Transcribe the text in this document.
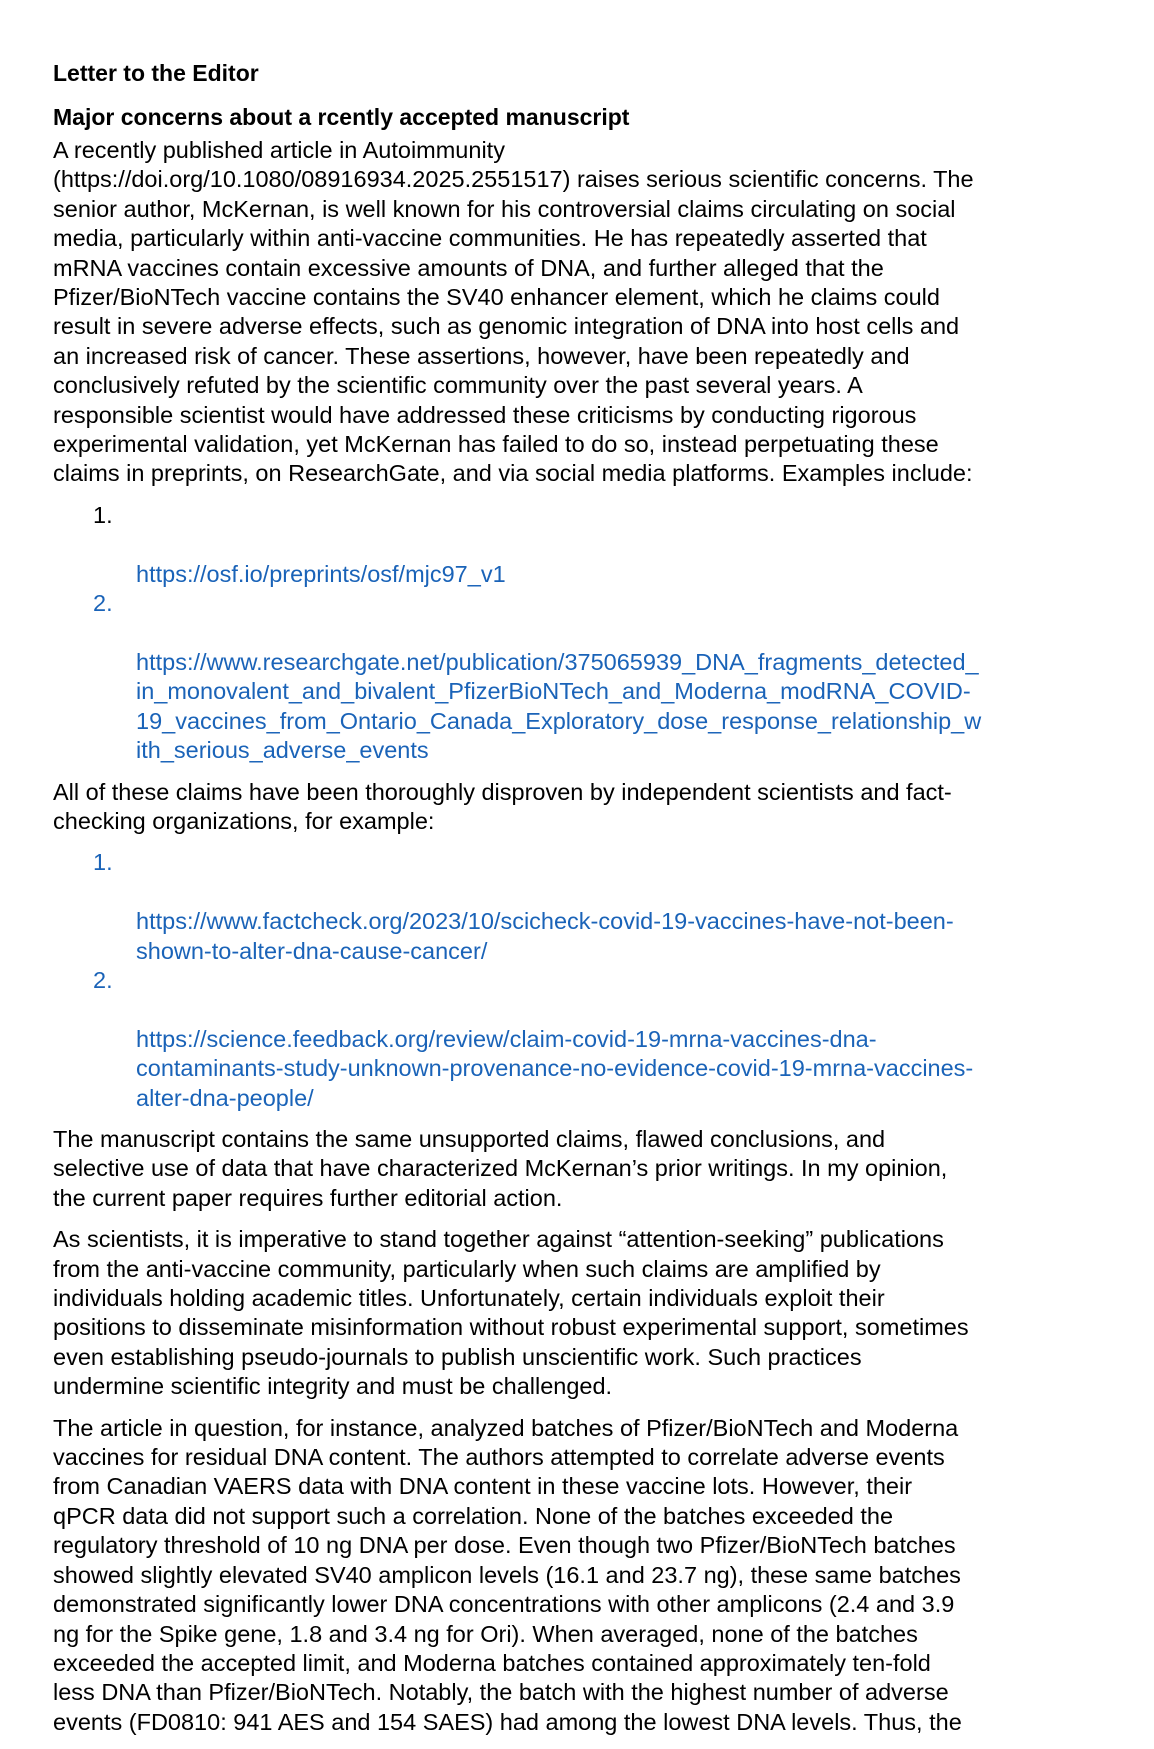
Letter to the Editor
Major concerns about a rcently accepted manuscript

A recently published article in Autoimmunity
(https://doi.org/10.1080/08916934.2025.2551517) raises serious scientific concerns. The
senior author, McKernan, is well known for his controversial claims circulating on social
media, particularly within anti-vaccine communities. He has repeatedly asserted that
mRNA vaccines contain excessive amounts of DNA, and further alleged that the
Pfizer/BioNTech vaccine contains the SV40 enhancer element, which he claims could
result in severe adverse effects, such as genomic integration of DNA into host cells and
an increased risk of cancer. These assertions, however, have been repeatedly and
conclusively refuted by the scientific community over the past several years. A
responsible scientist would have addressed these criticisms by conducting rigorous
experimental validation, yet McKernan has failed to do so, instead perpetuating these
claims in preprints, on ResearchGate, and via social media platforms. Examples include:

1.

https://osf.io/preprints/osf/mjc97_v1

2.

https://www.researchgate.net/publication/375065939_DNA_fragments_detected_
in_monovalent_and_bivalent_PfizerBioNTech_and_Moderna_modRNA_COVID-
19_vaccines_from_Ontario_Canada_Exploratory_dose_response_relationship_w
ith_serious_adverse_events

All of these claims have been thoroughly disproven by independent scientists and fact-
checking organizations, for example:

1.

https://www.factcheck.org/2023/10/scicheck-covid-19-vaccines-have-not-been-
shown-to-alter-dna-cause-cancer/

2.

https://science.feedback.org/review/claim-covid-19-mrna-vaccines-dna-
contaminants-study-unknown-provenance-no-evidence-covid-19-mrna-vaccines-
alter-dna-people/

The manuscript contains the same unsupported claims, flawed conclusions, and
selective use of data that have characterized McKernan’s prior writings. In my opinion,
the current paper requires further editorial action.

As scientists, it is imperative to stand together against “attention-seeking” publications
from the anti-vaccine community, particularly when such claims are amplified by
individuals holding academic titles. Unfortunately, certain individuals exploit their
positions to disseminate misinformation without robust experimental support, sometimes
even establishing pseudo-journals to publish unscientific work. Such practices
undermine scientific integrity and must be challenged.

The article in question, for instance, analyzed batches of Pfizer/BioNTech and Moderna
vaccines for residual DNA content. The authors attempted to correlate adverse events
from Canadian VAERS data with DNA content in these vaccine lots. However, their
qPCR data did not support such a correlation. None of the batches exceeded the
regulatory threshold of 10 ng DNA per dose. Even though two Pfizer/BioNTech batches
showed slightly elevated SV40 amplicon levels (16.1 and 23.7 ng), these same batches
demonstrated significantly lower DNA concentrations with other amplicons (2.4 and 3.9
ng for the Spike gene, 1.8 and 3.4 ng for Ori). When averaged, none of the batches
exceeded the accepted limit, and Moderna batches contained approximately ten-fold
less DNA than Pfizer/BioNTech. Notably, the batch with the highest number of adverse
events (FD0810: 941 AES and 154 SAES) had among the lowest DNA levels. Thus, the
